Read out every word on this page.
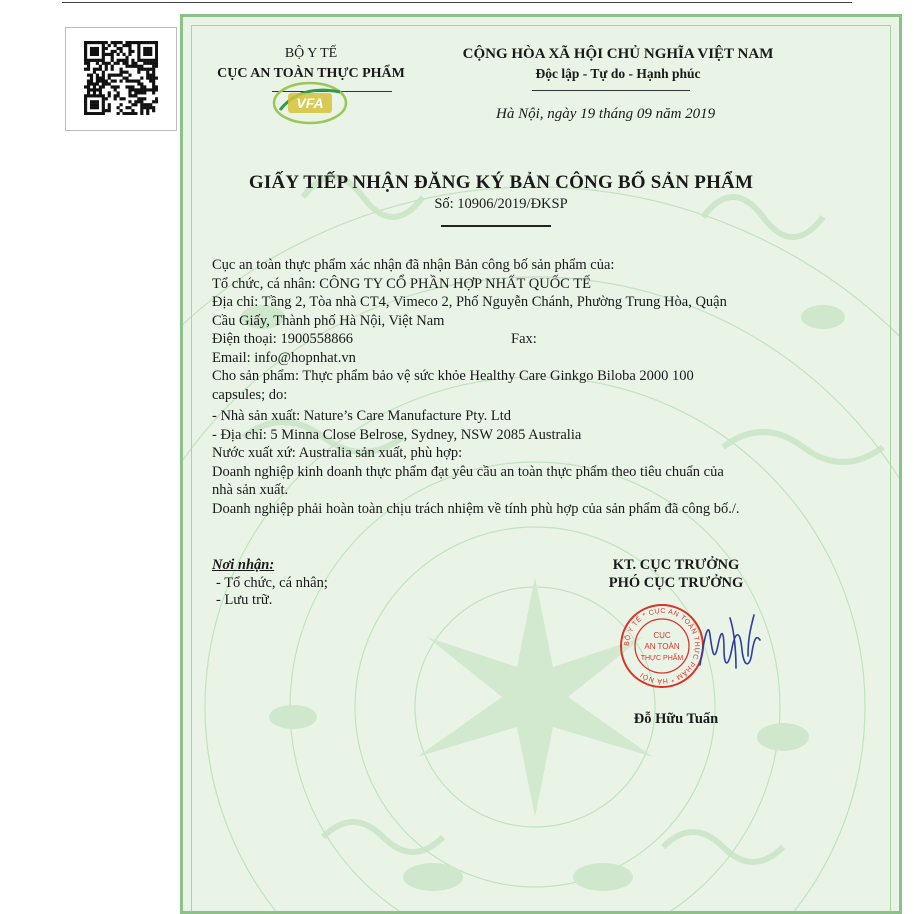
BỘ Y TẾ
CỤC AN TOÀN THỰC PHẨM
VFA
CỘNG HÒA XÃ HỘI CHỦ NGHĨA VIỆT NAM
Độc lập - Tự do - Hạnh phúc
Hà Nội, ngày 19 tháng 09 năm 2019
GIẤY TIẾP NHẬN ĐĂNG KÝ BẢN CÔNG BỐ SẢN PHẨM
Số: 10906/2019/ĐKSP
Cục an toàn thực phẩm xác nhận đã nhận Bản công bố sản phẩm của:
Tổ chức, cá nhân: CÔNG TY CỔ PHẦN HỢP NHẤT QUỐC TẾ
Địa chỉ: Tầng 2, Tòa nhà CT4, Vimeco 2, Phố Nguyễn Chánh, Phường Trung Hòa, Quận
Cầu Giấy, Thành phố Hà Nội, Việt Nam
Điện thoại: 1900558866	Fax:
Email: info@hopnhat.vn
Cho sản phẩm: Thực phẩm bảo vệ sức khỏe Healthy Care Ginkgo Biloba 2000 100
capsules; do:
- Nhà sản xuất: Nature’s Care Manufacture Pty. Ltd
- Địa chỉ: 5 Minna Close Belrose, Sydney, NSW 2085 Australia
Nước xuất xứ: Australia sản xuất, phù hợp:
Doanh nghiệp kinh doanh thực phẩm đạt yêu cầu an toàn thực phẩm theo tiêu chuẩn của
nhà sản xuất.
Doanh nghiệp phải hoàn toàn chịu trách nhiệm về tính phù hợp của sản phẩm đã công bố./.
Nơi nhận:
- Tổ chức, cá nhân;
- Lưu trữ.
KT. CỤC TRƯỞNG
PHÓ CỤC TRƯỞNG
BỘ Y TẾ * CỤC AN TOÀN THỰC PHẨM * HÀ NỘI
CỤC
AN TOÀN
THỰC PHẨM
Đỗ Hữu Tuấn
